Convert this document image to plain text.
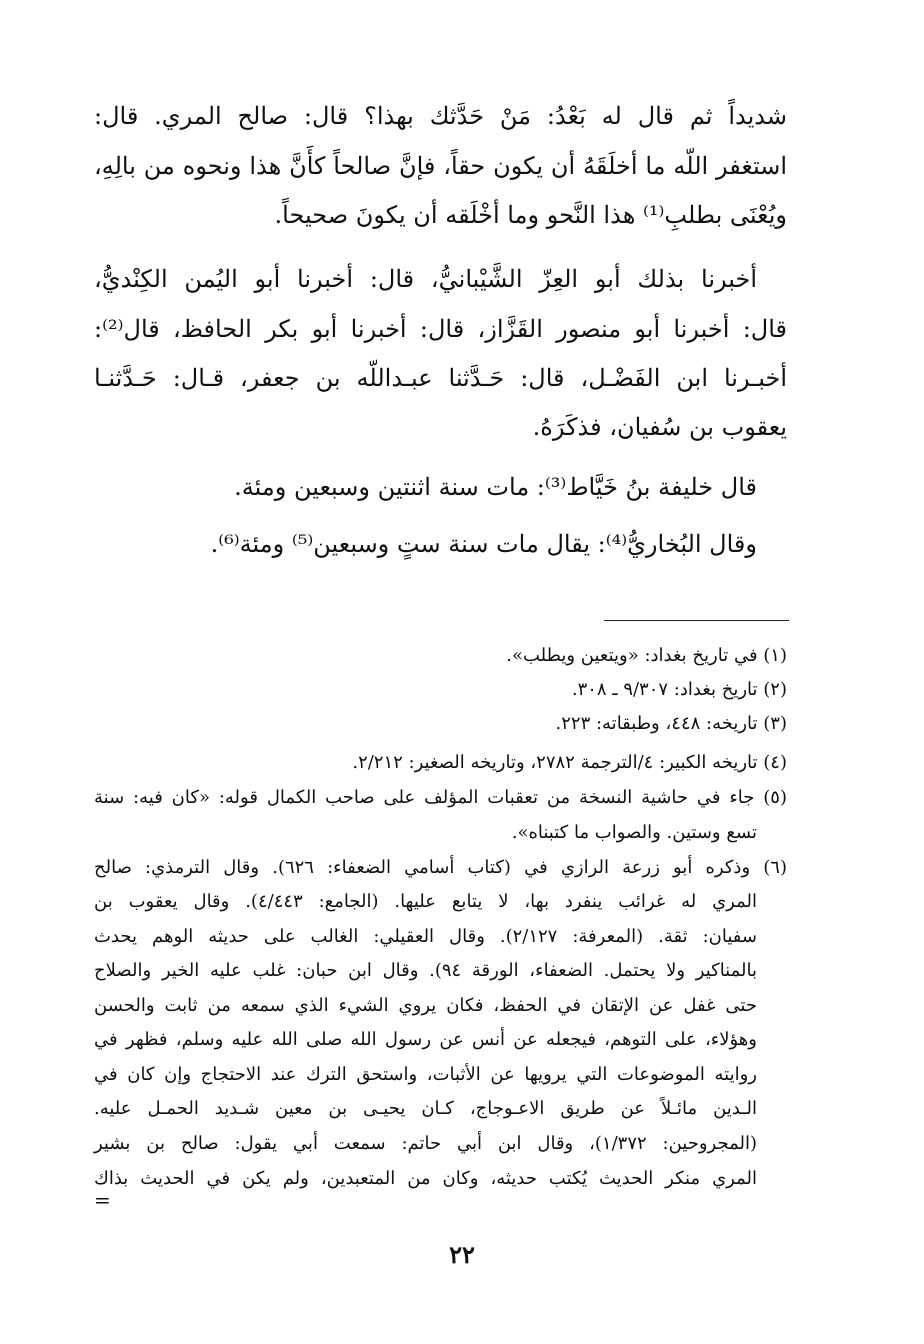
شديداً ثم قال له بَعْدُ: مَنْ حَدَّثك بهذا؟ قال: صالح المري. قال:
استغفر اللّه ما أخلَقَهُ أن يكون حقاً، فإنَّ صالحاً كأَنَّ هذا ونحوه من بالِهِ،
ويُعْنَى بطلبِ⁽¹⁾ هذا النَّحو وما أخْلَقه أن يكونَ صحيحاً.
أخبرنا بذلك أبو العِزّ الشَّيْبانيُّ، قال: أخبرنا أبو اليُمن الكِنْديُّ،
قال: أخبرنا أبو منصور القَزَّاز، قال: أخبرنا أبو بكر الحافظ، قال⁽²⁾:
أخبـرنا ابن الفَضْـل، قال: حَـدَّثنا عبـداللّه بن جعفر، قـال: حَـدَّثنـا
يعقوب بن سُفيان، فذكَرَهُ.
قال خليفة بنُ خَيَّاط⁽³⁾: مات سنة اثنتين وسبعين ومئة.
وقال البُخاريُّ⁽⁴⁾: يقال مات سنة ستٍ وسبعين⁽⁵⁾ ومئة⁽⁶⁾.
(١) في تاريخ بغداد: «ويتعين ويطلب».
(٢) تاريخ بغداد: ٩/٣٠٧ ـ ٣٠٨.
(٣) تاريخه: ٤٤٨، وطبقاته: ٢٢٣.
(٤) تاريخه الكبير: ٤/الترجمة ٢٧٨٢، وتاريخه الصغير: ٢/٢١٢.
(٥) جاء في حاشية النسخة من تعقبات المؤلف على صاحب الكمال قوله: «كان فيه: سنة
تسع وستين. والصواب ما كتبناه».
(٦) وذكره أبو زرعة الرازي في (كتاب أسامي الضعفاء: ٦٢٦). وقال الترمذي: صالح
المري له غرائب ينفرد بها، لا يتابع عليها. (الجامع: ٤/٤٤٣). وقال يعقوب بن
سفيان: ثقة. (المعرفة: ٢/١٢٧). وقال العقيلي: الغالب على حديثه الوهم يحدث
بالمناكير ولا يحتمل. الضعفاء، الورقة ٩٤). وقال ابن حبان: غلب عليه الخير والصلاح
حتى غفل عن الإتقان في الحفظ، فكان يروي الشيء الذي سمعه من ثابت والحسن
وهؤلاء، على التوهم، فيجعله عن أنس عن رسول الله صلى الله عليه وسلم، فظهر في
روايته الموضوعات التي يرويها عن الأثبات، واستحق الترك عند الاحتجاج وإن كان في
الـدين مائـلاً عن طريق الاعـوجاج، كـان يحيـى بن معين شـديد الحمـل عليه.
(المجروحين: ١/٣٧٢)، وقال ابن أبي حاتم: سمعت أبي يقول: صالح بن بشير
المري منكر الحديث يُكتب حديثه، وكان من المتعبدين، ولم يكن في الحديث بذاك
=
٢٢
